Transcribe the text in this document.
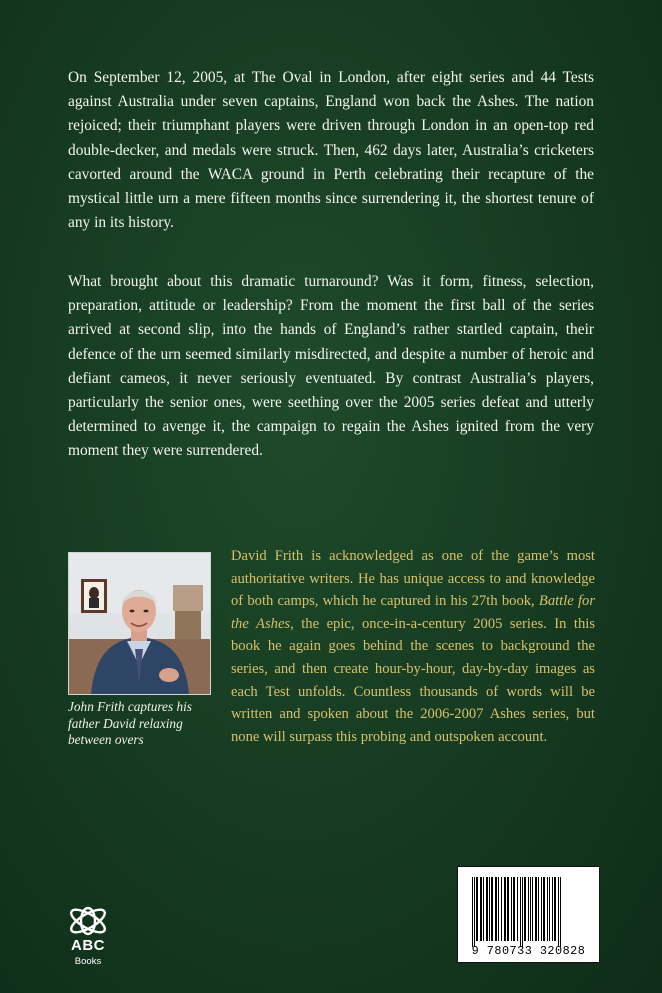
On September 12, 2005, at The Oval in London, after eight series and 44 Tests against Australia under seven captains, England won back the Ashes. The nation rejoiced; their triumphant players were driven through London in an open-top red double-decker, and medals were struck. Then, 462 days later, Australia’s cricketers cavorted around the WACA ground in Perth celebrating their recapture of the mystical little urn a mere fifteen months since surrendering it, the shortest tenure of any in its history.

What brought about this dramatic turnaround? Was it form, fitness, selection, preparation, attitude or leadership? From the moment the first ball of the series arrived at second slip, into the hands of England’s rather startled captain, their defence of the urn seemed similarly misdirected, and despite a number of heroic and defiant cameos, it never seriously eventuated. By contrast Australia’s players, particularly the senior ones, were seething over the 2005 series defeat and utterly determined to avenge it, the campaign to regain the Ashes ignited from the very moment they were surrendered.

John Frith captures his father David relaxing between overs

David Frith is acknowledged as one of the game’s most authoritative writers. He has unique access to and knowledge of both camps, which he captured in his 27th book, Battle for the Ashes, the epic, once-in-a-century 2005 series. In this book he again goes behind the scenes to background the series, and then create hour-by-hour, day-by-day images as each Test unfolds. Countless thousands of words will be written and spoken about the 2006-2007 Ashes series, but none will surpass this probing and outspoken account.

ABC
Books
9 780733 320828
